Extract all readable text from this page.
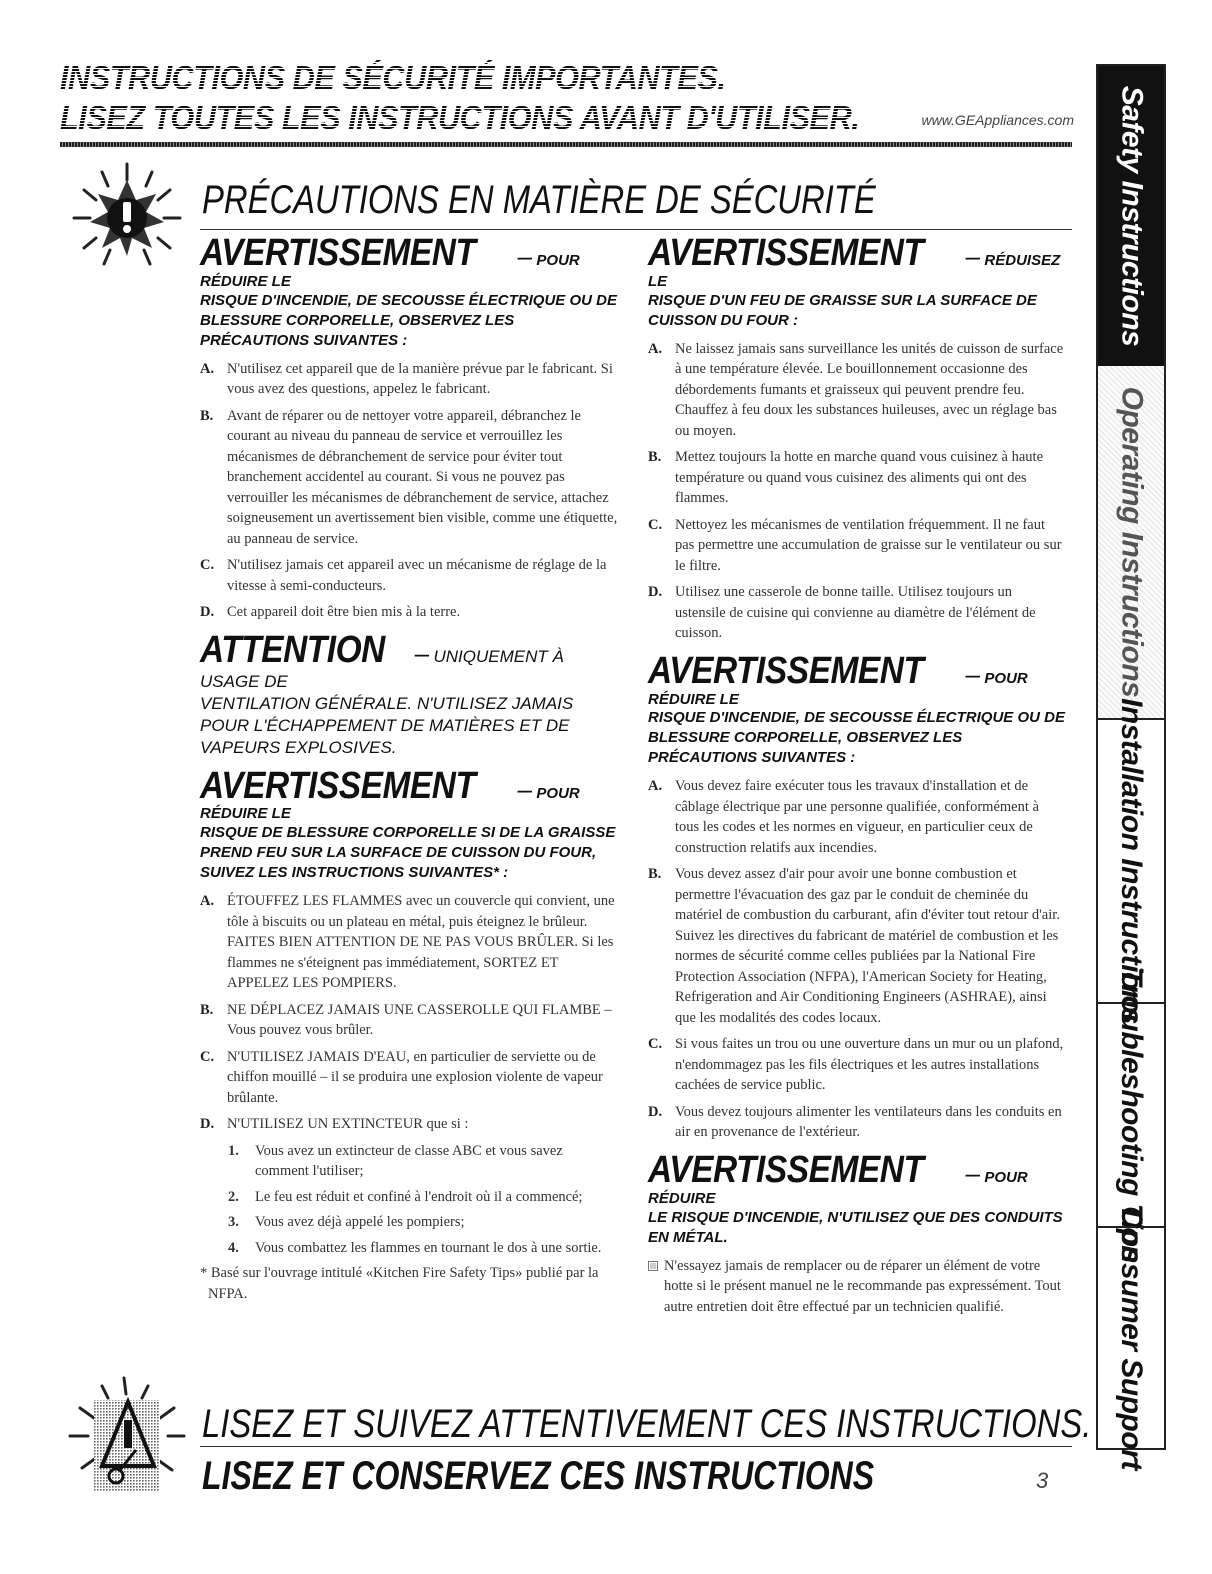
INSTRUCTIONS DE SÉCURITÉ IMPORTANTES.
LISEZ TOUTES LES INSTRUCTIONS AVANT D'UTILISER.	www.GEAppliances.com
PRÉCAUTIONS EN MATIÈRE DE SÉCURITÉ
AVERTISSEMENT – POUR RÉDUIRE LE
RISQUE D'INCENDIE, DE SECOUSSE ÉLECTRIQUE OU DE BLESSURE CORPORELLE, OBSERVEZ LES PRÉCAUTIONS SUIVANTES :
A. N'utilisez cet appareil que de la manière prévue par le fabricant. Si vous avez des questions, appelez le fabricant.
B. Avant de réparer ou de nettoyer votre appareil, débranchez le courant au niveau du panneau de service et verrouillez les mécanismes de débranchement de service pour éviter tout branchement accidentel au courant. Si vous ne pouvez pas verrouiller les mécanismes de débranchement de service, attachez soigneusement un avertissement bien visible, comme une étiquette, au panneau de service.
C. N'utilisez jamais cet appareil avec un mécanisme de réglage de la vitesse à semi-conducteurs.
D. Cet appareil doit être bien mis à la terre.
ATTENTION – UNIQUEMENT À USAGE DE
VENTILATION GÉNÉRALE. N'UTILISEZ JAMAIS POUR L'ÉCHAPPEMENT DE MATIÈRES ET DE VAPEURS EXPLOSIVES.
AVERTISSEMENT – POUR RÉDUIRE LE
RISQUE DE BLESSURE CORPORELLE SI DE LA GRAISSE PREND FEU SUR LA SURFACE DE CUISSON DU FOUR, SUIVEZ LES INSTRUCTIONS SUIVANTES* :
A. ÉTOUFFEZ LES FLAMMES avec un couvercle qui convient, une tôle à biscuits ou un plateau en métal, puis éteignez le brûleur. FAITES BIEN ATTENTION DE NE PAS VOUS BRÛLER. Si les flammes ne s'éteignent pas immédiatement, SORTEZ ET APPELEZ LES POMPIERS.
B. NE DÉPLACEZ JAMAIS UNE CASSEROLLE QUI FLAMBE – Vous pouvez vous brûler.
C. N'UTILISEZ JAMAIS D'EAU, en particulier de serviette ou de chiffon mouillé – il se produira une explosion violente de vapeur brûlante.
D. N'UTILISEZ UN EXTINCTEUR que si :
1.	Vous avez un extincteur de classe ABC et vous savez comment l'utiliser;
2.	Le feu est réduit et confiné à l'endroit où il a commencé;
3.	Vous avez déjà appelé les pompiers;
4.	Vous combattez les flammes en tournant le dos à une sortie.
* Basé sur l'ouvrage intitulé «Kitchen Fire Safety Tips» publié par la NFPA.
AVERTISSEMENT – RÉDUISEZ LE
RISQUE D'UN FEU DE GRAISSE SUR LA SURFACE DE CUISSON DU FOUR :
A. Ne laissez jamais sans surveillance les unités de cuisson de surface à une température élevée. Le bouillonnement occasionne des débordements fumants et graisseux qui peuvent prendre feu. Chauffez à feu doux les substances huileuses, avec un réglage bas ou moyen.
B. Mettez toujours la hotte en marche quand vous cuisinez à haute température ou quand vous cuisinez des aliments qui ont des flammes.
C. Nettoyez les mécanismes de ventilation fréquemment. Il ne faut pas permettre une accumulation de graisse sur le ventilateur ou sur le filtre.
D. Utilisez une casserole de bonne taille. Utilisez toujours un ustensile de cuisine qui convienne au diamètre de l'élément de cuisson.
AVERTISSEMENT – POUR RÉDUIRE LE
RISQUE D'INCENDIE, DE SECOUSSE ÉLECTRIQUE OU DE BLESSURE CORPORELLE, OBSERVEZ LES PRÉCAUTIONS SUIVANTES :
A. Vous devez faire exécuter tous les travaux d'installation et de câblage électrique par une personne qualifiée, conformément à tous les codes et les normes en vigueur, en particulier ceux de construction relatifs aux incendies.
B. Vous devez assez d'air pour avoir une bonne combustion et permettre l'évacuation des gaz par le conduit de cheminée du matériel de combustion du carburant, afin d'éviter tout retour d'air. Suivez les directives du fabricant de matériel de combustion et les normes de sécurité comme celles publiées par la National Fire Protection Association (NFPA), l'American Society for Heating, Refrigeration and Air Conditioning Engineers (ASHRAE), ainsi que les modalités des codes locaux.
C. Si vous faites un trou ou une ouverture dans un mur ou un plafond, n'endommagez pas les fils électriques et les autres installations cachées de service public.
D. Vous devez toujours alimenter les ventilateurs dans les conduits en air en provenance de l'extérieur.
AVERTISSEMENT – POUR RÉDUIRE
LE RISQUE D'INCENDIE, N'UTILISEZ QUE DES CONDUITS EN MÉTAL.
N'essayez jamais de remplacer ou de réparer un élément de votre hotte si le présent manuel ne le recommande pas expressément. Tout autre entretien doit être effectué par un technicien qualifié.
LISEZ ET SUIVEZ ATTENTIVEMENT CES INSTRUCTIONS.
LISEZ ET CONSERVEZ CES INSTRUCTIONS	3
Safety Instructions
Operating Instructions
Installation Instructions
Troubleshooting Tips
Consumer Support
